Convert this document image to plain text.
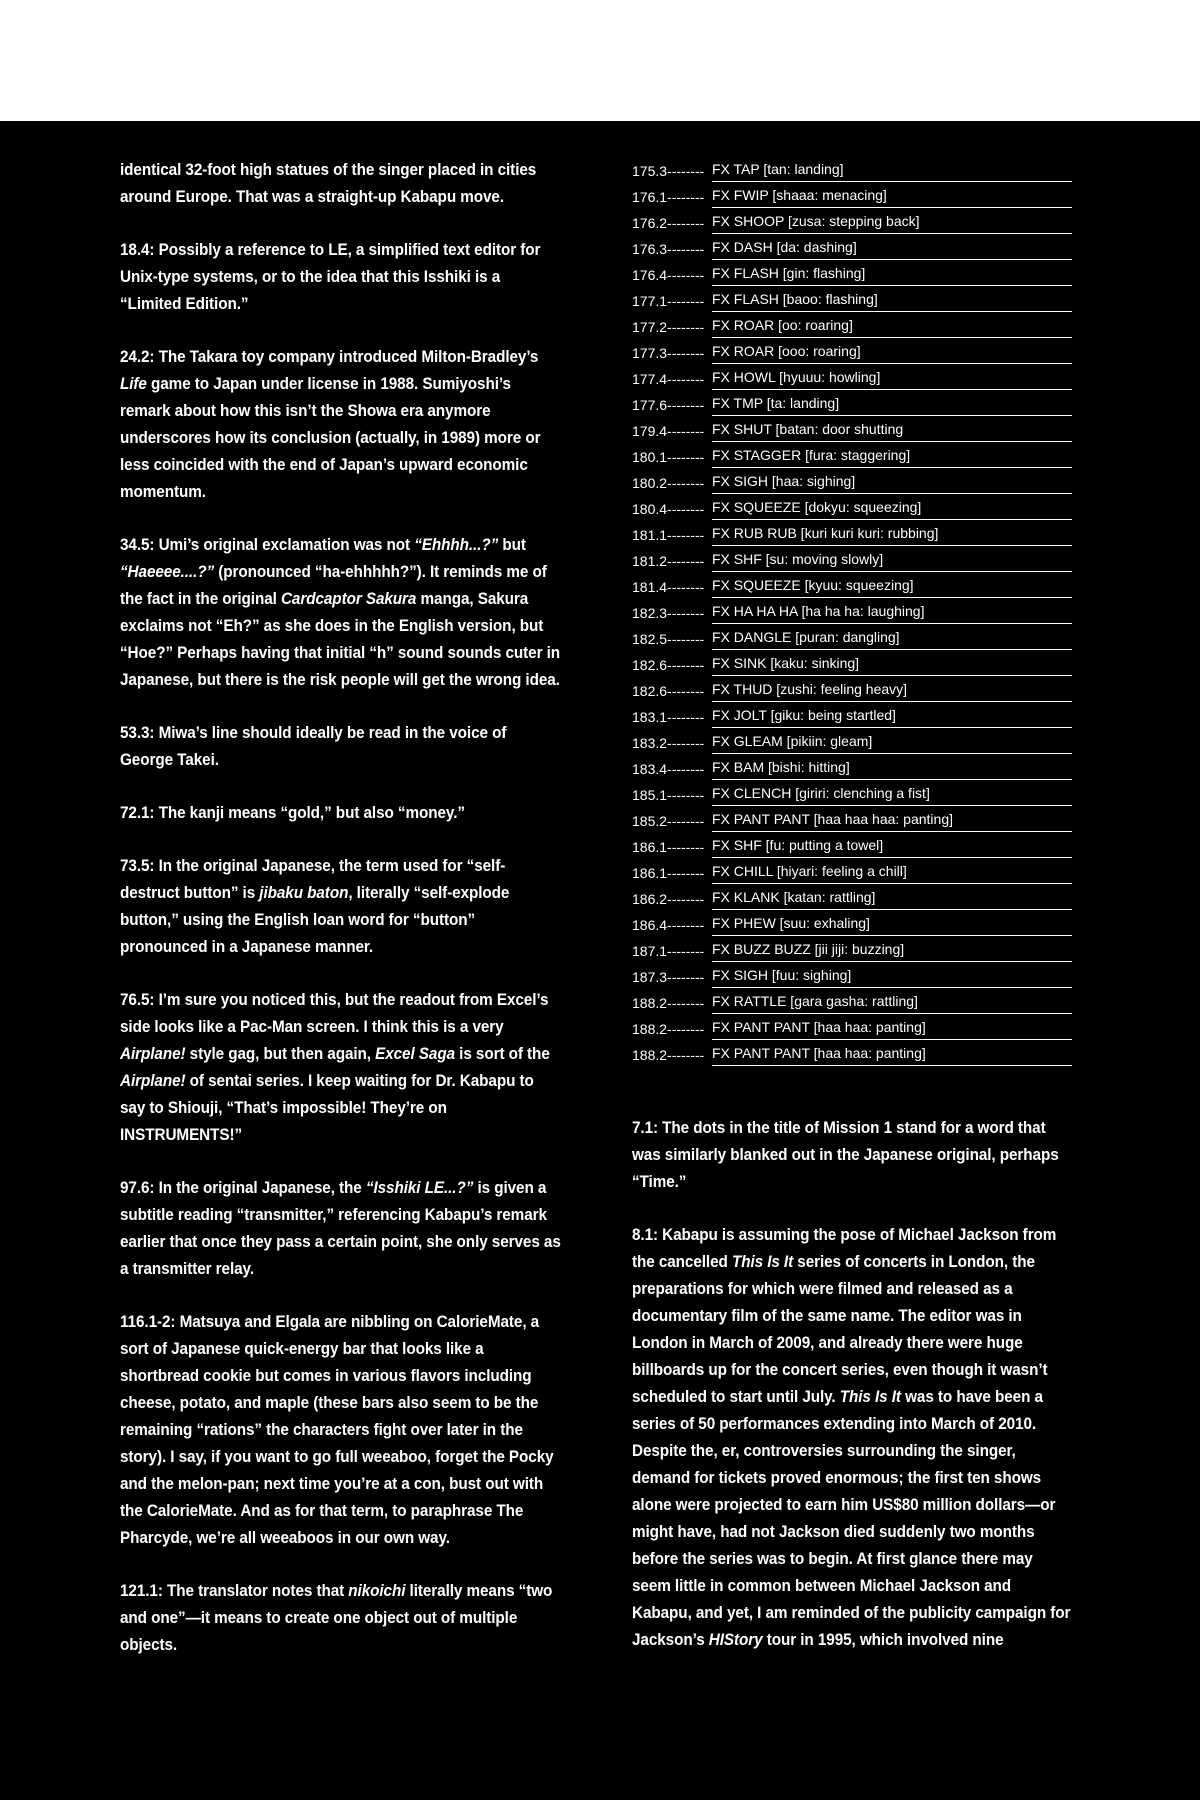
identical 32-foot high statues of the singer placed in cities around Europe. That was a straight-up Kabapu move.

18.4: Possibly a reference to LE, a simplified text editor for Unix-type systems, or to the idea that this Isshiki is a “Limited Edition.”

24.2: The Takara toy company introduced Milton-Bradley’s Life game to Japan under license in 1988. Sumiyoshi’s remark about how this isn’t the Showa era anymore underscores how its conclusion (actually, in 1989) more or less coincided with the end of Japan’s upward economic momentum.

34.5: Umi’s original exclamation was not “Ehhhh...?” but “Haeeee....?” (pronounced “ha-ehhhhh?”). It reminds me of the fact in the original Cardcaptor Sakura manga, Sakura exclaims not “Eh?” as she does in the English version, but “Hoe?” Perhaps having that initial “h” sound sounds cuter in Japanese, but there is the risk people will get the wrong idea.

53.3: Miwa’s line should ideally be read in the voice of George Takei.

72.1: The kanji means “gold,” but also “money.”

73.5: In the original Japanese, the term used for “self-destruct button” is jibaku baton, literally “self-explode button,” using the English loan word for “button” pronounced in a Japanese manner.

76.5: I’m sure you noticed this, but the readout from Excel’s side looks like a Pac-Man screen. I think this is a very Airplane! style gag, but then again, Excel Saga is sort of the Airplane! of sentai series. I keep waiting for Dr. Kabapu to say to Shiouji, “That’s impossible! They’re on INSTRUMENTS!”

97.6: In the original Japanese, the “Isshiki LE...?” is given a subtitle reading “transmitter,” referencing Kabapu’s remark earlier that once they pass a certain point, she only serves as a transmitter relay.

116.1-2: Matsuya and Elgala are nibbling on CalorieMate, a sort of Japanese quick-energy bar that looks like a shortbread cookie but comes in various flavors including cheese, potato, and maple (these bars also seem to be the remaining “rations” the characters fight over later in the story). I say, if you want to go full weeaboo, forget the Pocky and the melon-pan; next time you’re at a con, bust out with the CalorieMate. And as for that term, to paraphrase The Pharcyde, we’re all weeaboos in our own way.

121.1: The translator notes that nikoichi literally means “two and one”—it means to create one object out of multiple objects.

175.3-------- FX TAP [tan: landing]
176.1-------- FX FWIP [shaaa: menacing]
176.2-------- FX SHOOP [zusa: stepping back]
176.3-------- FX DASH [da: dashing]
176.4-------- FX FLASH [gin: flashing]
177.1-------- FX FLASH [baoo: flashing]
177.2-------- FX ROAR [oo: roaring]
177.3-------- FX ROAR [ooo: roaring]
177.4-------- FX HOWL [hyuuu: howling]
177.6-------- FX TMP [ta: landing]
179.4-------- FX SHUT [batan: door shutting
180.1-------- FX STAGGER [fura: staggering]
180.2-------- FX SIGH [haa: sighing]
180.4-------- FX SQUEEZE [dokyu: squeezing]
181.1-------- FX RUB RUB [kuri kuri kuri: rubbing]
181.2-------- FX SHF [su: moving slowly]
181.4-------- FX SQUEEZE [kyuu: squeezing]
182.3-------- FX HA HA HA [ha ha ha: laughing]
182.5-------- FX DANGLE [puran: dangling]
182.6-------- FX SINK [kaku: sinking]
182.6-------- FX THUD [zushi: feeling heavy]
183.1-------- FX JOLT [giku: being startled]
183.2-------- FX GLEAM [pikiin: gleam]
183.4-------- FX BAM [bishi: hitting]
185.1-------- FX CLENCH [giriri: clenching a fist]
185.2-------- FX PANT PANT [haa haa haa: panting]
186.1-------- FX SHF [fu: putting a towel]
186.1-------- FX CHILL [hiyari: feeling a chill]
186.2-------- FX KLANK [katan: rattling]
186.4-------- FX PHEW [suu: exhaling]
187.1-------- FX BUZZ BUZZ [jii jiji: buzzing]
187.3-------- FX SIGH [fuu: sighing]
188.2-------- FX RATTLE [gara gasha: rattling]
188.2-------- FX PANT PANT [haa haa: panting]
188.2-------- FX PANT PANT [haa haa: panting]

7.1: The dots in the title of Mission 1 stand for a word that was similarly blanked out in the Japanese original, perhaps “Time.”

8.1: Kabapu is assuming the pose of Michael Jackson from the cancelled This Is It series of concerts in London, the preparations for which were filmed and released as a documentary film of the same name. The editor was in London in March of 2009, and already there were huge billboards up for the concert series, even though it wasn’t scheduled to start until July. This Is It was to have been a series of 50 performances extending into March of 2010. Despite the, er, controversies surrounding the singer, demand for tickets proved enormous; the first ten shows alone were projected to earn him US$80 million dollars—or might have, had not Jackson died suddenly two months before the series was to begin. At first glance there may seem little in common between Michael Jackson and Kabapu, and yet, I am reminded of the publicity campaign for Jackson’s HIStory tour in 1995, which involved nine
